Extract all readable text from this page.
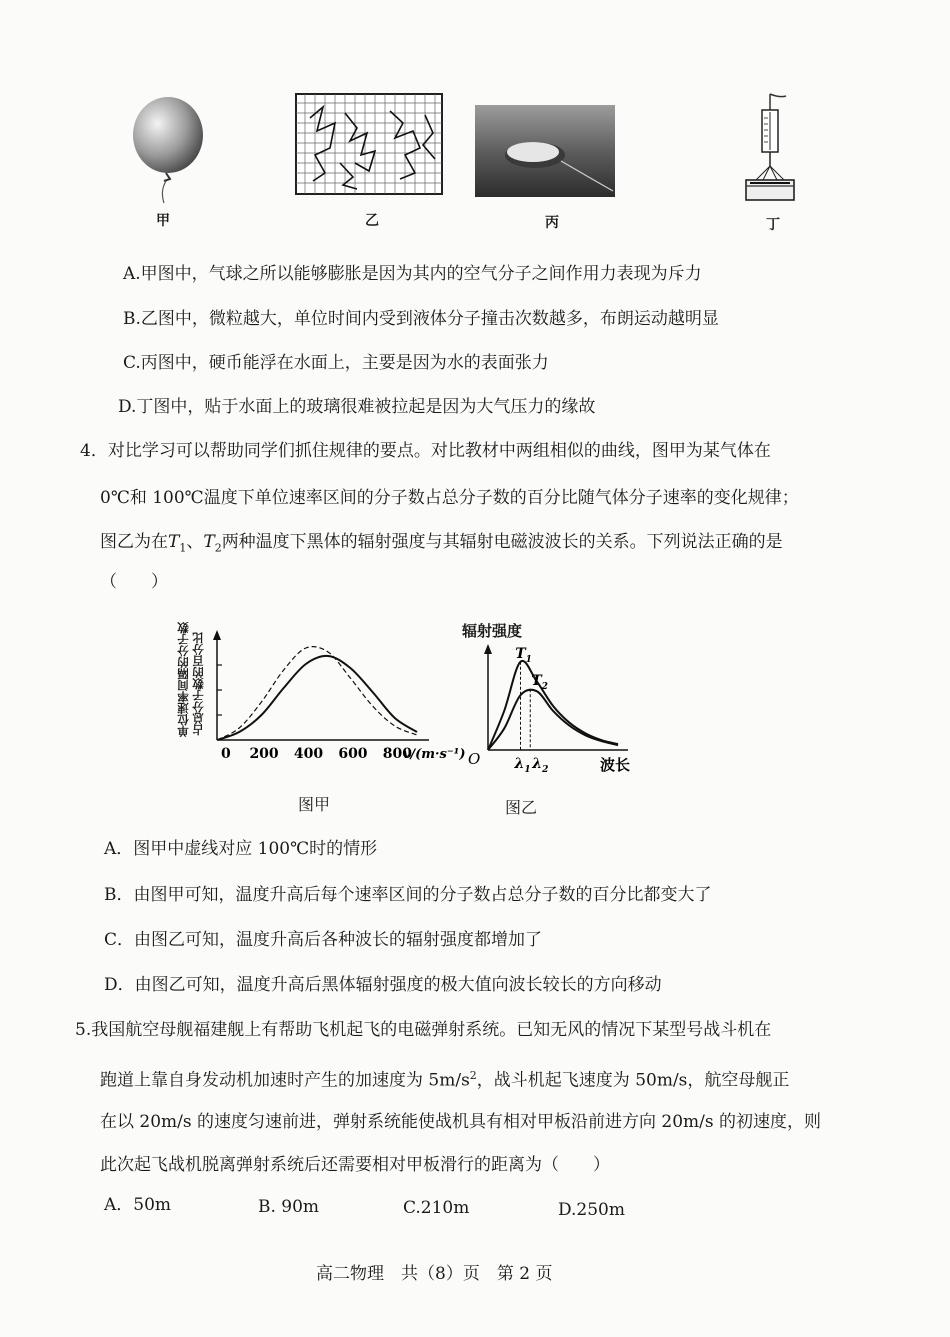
甲	乙	丙	丁
A.甲图中，气球之所以能够膨胀是因为其内的空气分子之间作用力表现为斥力
B.乙图中，微粒越大，单位时间内受到液体分子撞击次数越多，布朗运动越明显
C.丙图中，硬币能浮在水面上，主要是因为水的表面张力
D.丁图中，贴于水面上的玻璃很难被拉起是因为大气压力的缘故
4．对比学习可以帮助同学们抓住规律的要点。对比教材中两组相似的曲线，图甲为某气体在
0℃和 100℃温度下单位速率区间的分子数占总分子数的百分比随气体分子速率的变化规律；
图乙为在$T_1$、$T_2$两种温度下黑体的辐射强度与其辐射电磁波波长的关系。下列说法正确的是
（　　）
单位速率间隔的分子数 占总分子数的百分比
0 200 400 600 800
v/(m·s⁻¹)
图甲
辐射强度
$T_1$
$T_2$
$\lambda_1$ $\lambda_2$
O	波长
图乙
A．图甲中虚线对应 100℃时的情形
B．由图甲可知，温度升高后每个速率区间的分子数占总分子数的百分比都变大了
C．由图乙可知，温度升高后各种波长的辐射强度都增加了
D．由图乙可知，温度升高后黑体辐射强度的极大值向波长较长的方向移动
5.我国航空母舰福建舰上有帮助飞机起飞的电磁弹射系统。已知无风的情况下某型号战斗机在
跑道上靠自身发动机加速时产生的加速度为 $5m/s^2$，战斗机起飞速度为 50m/s，航空母舰正
在以 20m/s 的速度匀速前进，弹射系统能使战机具有相对甲板沿前进方向 20m/s 的初速度，则
此次起飞战机脱离弹射系统后还需要相对甲板滑行的距离为（　　）
A．50m	B. 90m	C.210m	D.250m
高二物理　共（8）页　第 2 页
